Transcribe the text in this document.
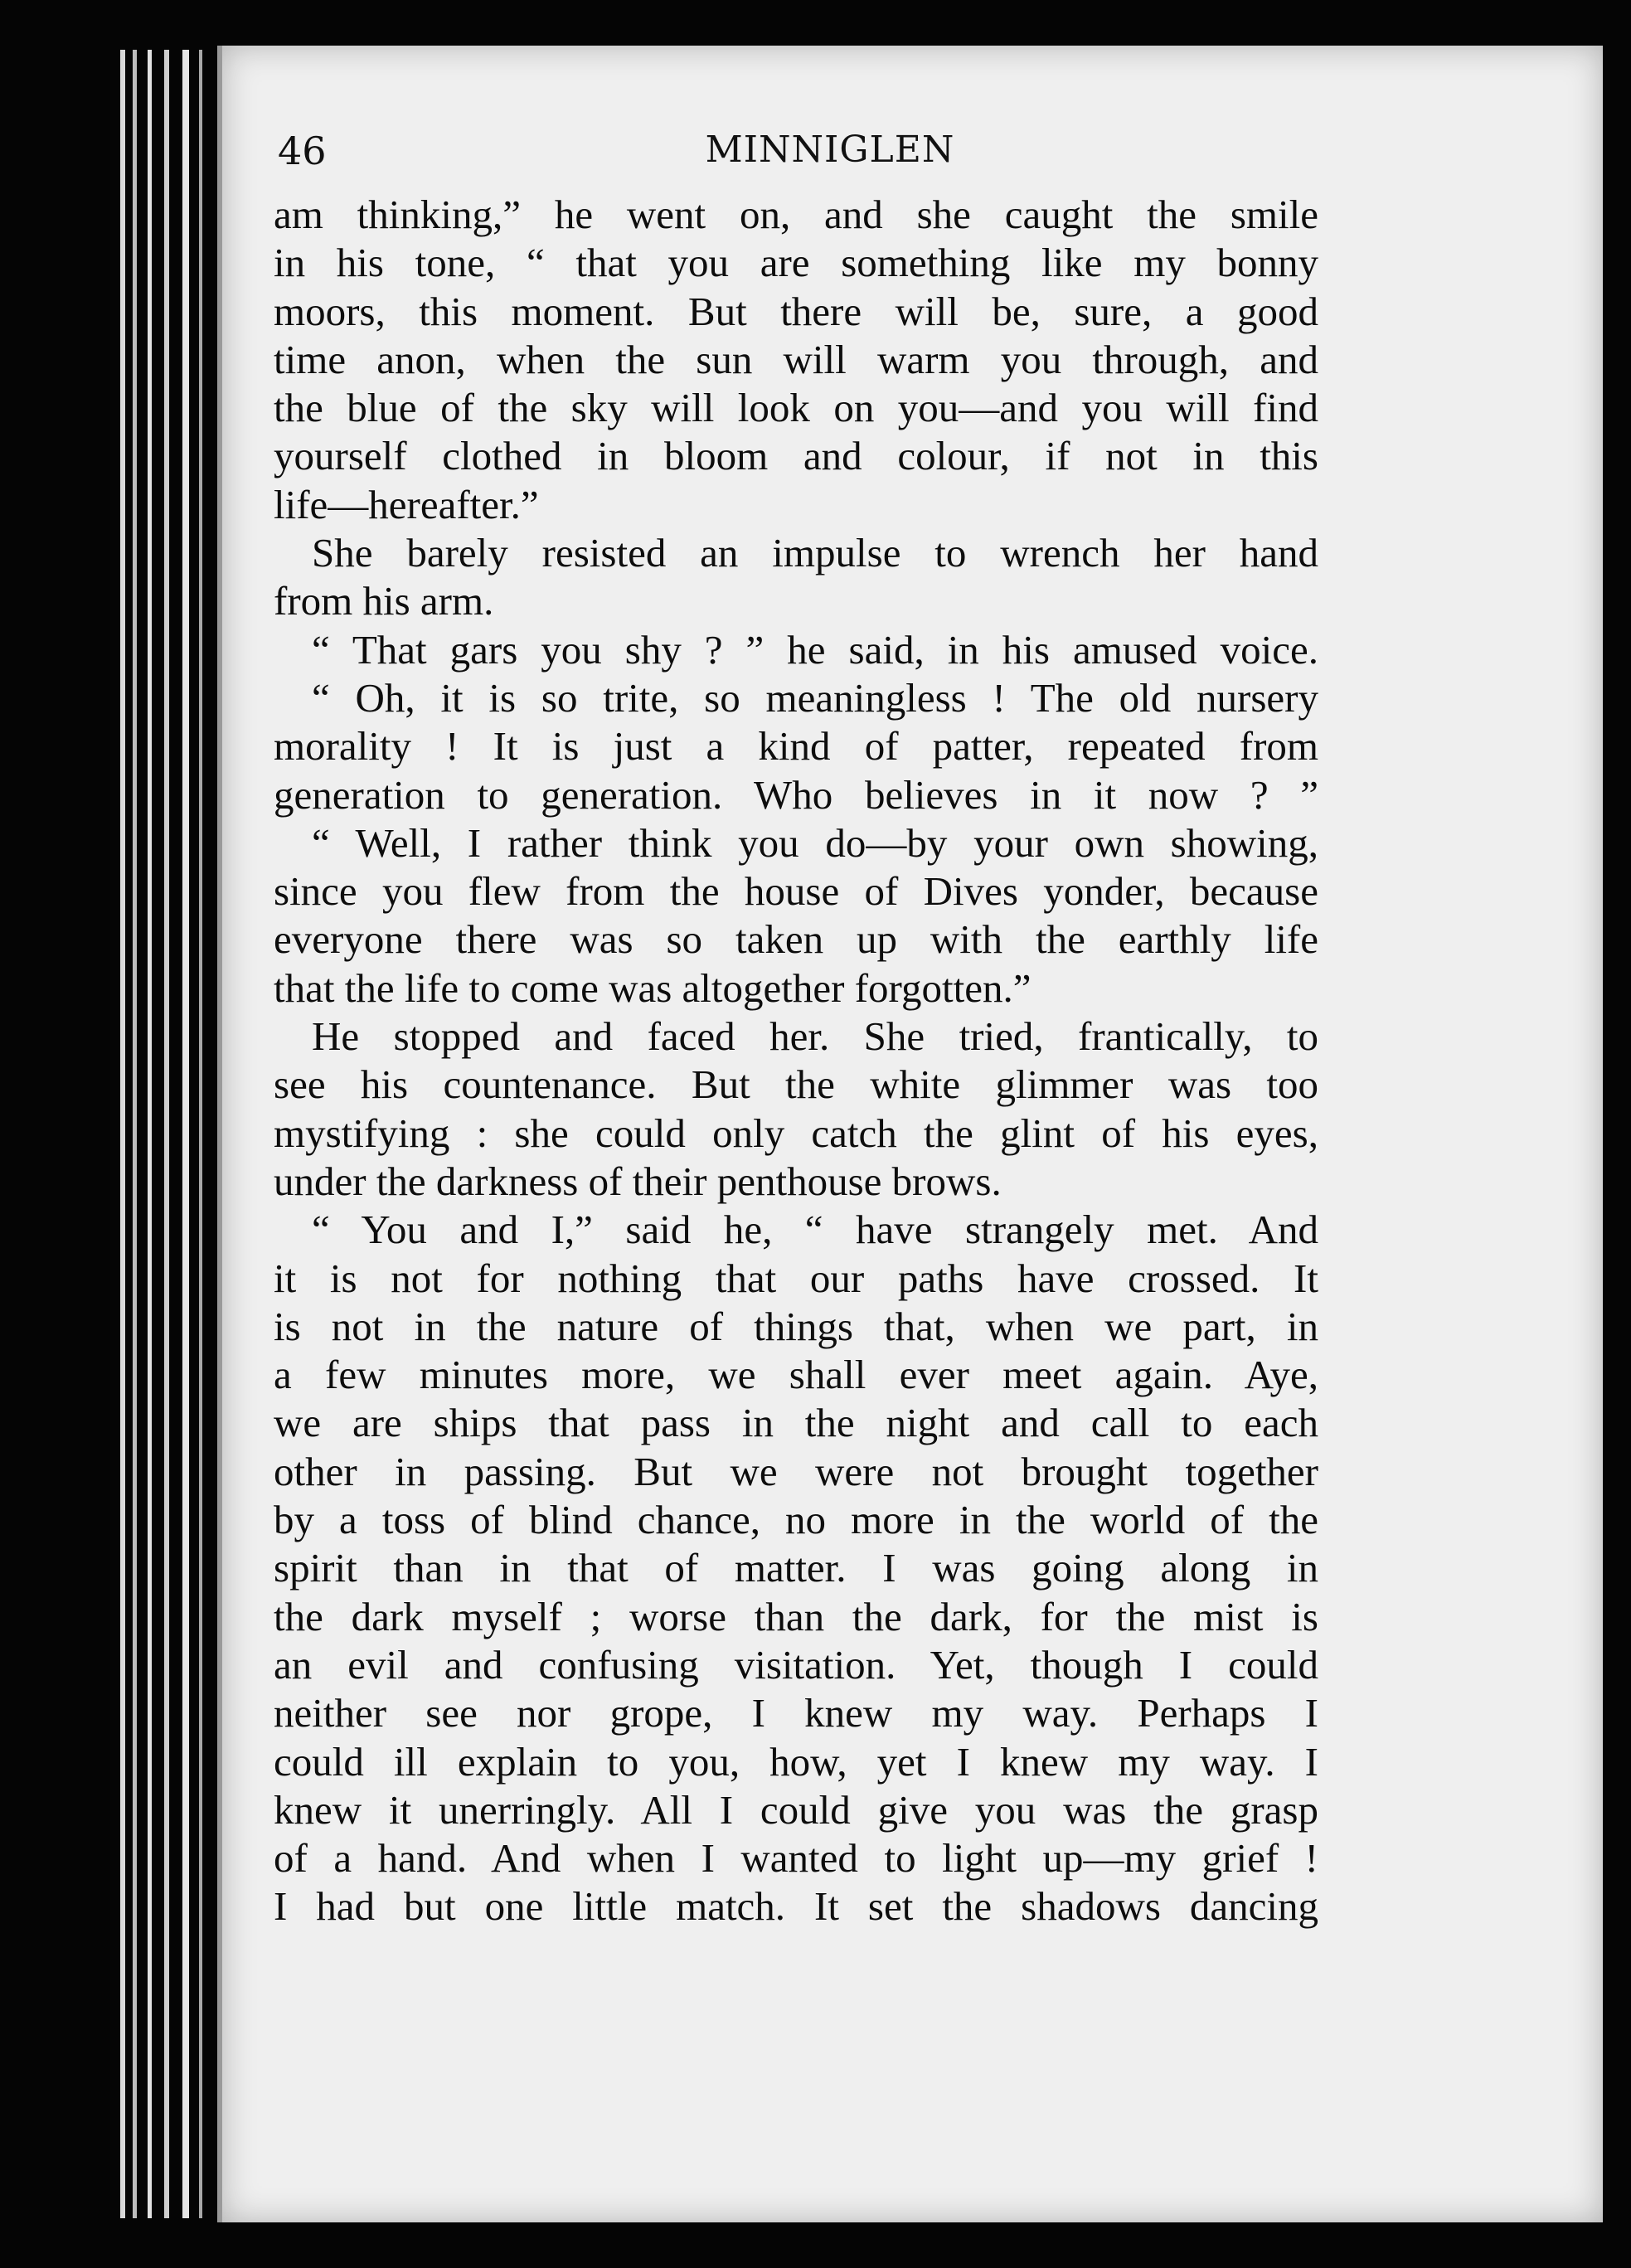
46	MINNIGLEN
am thinking,” he went on, and she caught the smile
in his tone, “ that you are something like my bonny
moors, this moment. But there will be, sure, a good
time anon, when the sun will warm you through, and
the blue of the sky will look on you—and you will find
yourself clothed in bloom and colour, if not in this
life—hereafter.”
She barely resisted an impulse to wrench her hand
from his arm.
“ That gars you shy ? ” he said, in his amused voice.
“ Oh, it is so trite, so meaningless ! The old nursery
morality ! It is just a kind of patter, repeated from
generation to generation. Who believes in it now ? ”
“ Well, I rather think you do—by your own showing,
since you flew from the house of Dives yonder, because
everyone there was so taken up with the earthly life
that the life to come was altogether forgotten.”
He stopped and faced her. She tried, frantically, to
see his countenance. But the white glimmer was too
mystifying : she could only catch the glint of his eyes,
under the darkness of their penthouse brows.
“ You and I,” said he, “ have strangely met. And
it is not for nothing that our paths have crossed. It
is not in the nature of things that, when we part, in
a few minutes more, we shall ever meet again. Aye,
we are ships that pass in the night and call to each
other in passing. But we were not brought together
by a toss of blind chance, no more in the world of the
spirit than in that of matter. I was going along in
the dark myself ; worse than the dark, for the mist is
an evil and confusing visitation. Yet, though I could
neither see nor grope, I knew my way. Perhaps I
could ill explain to you, how, yet I knew my way. I
knew it unerringly. All I could give you was the grasp
of a hand. And when I wanted to light up—my grief !
I had but one little match. It set the shadows dancing
